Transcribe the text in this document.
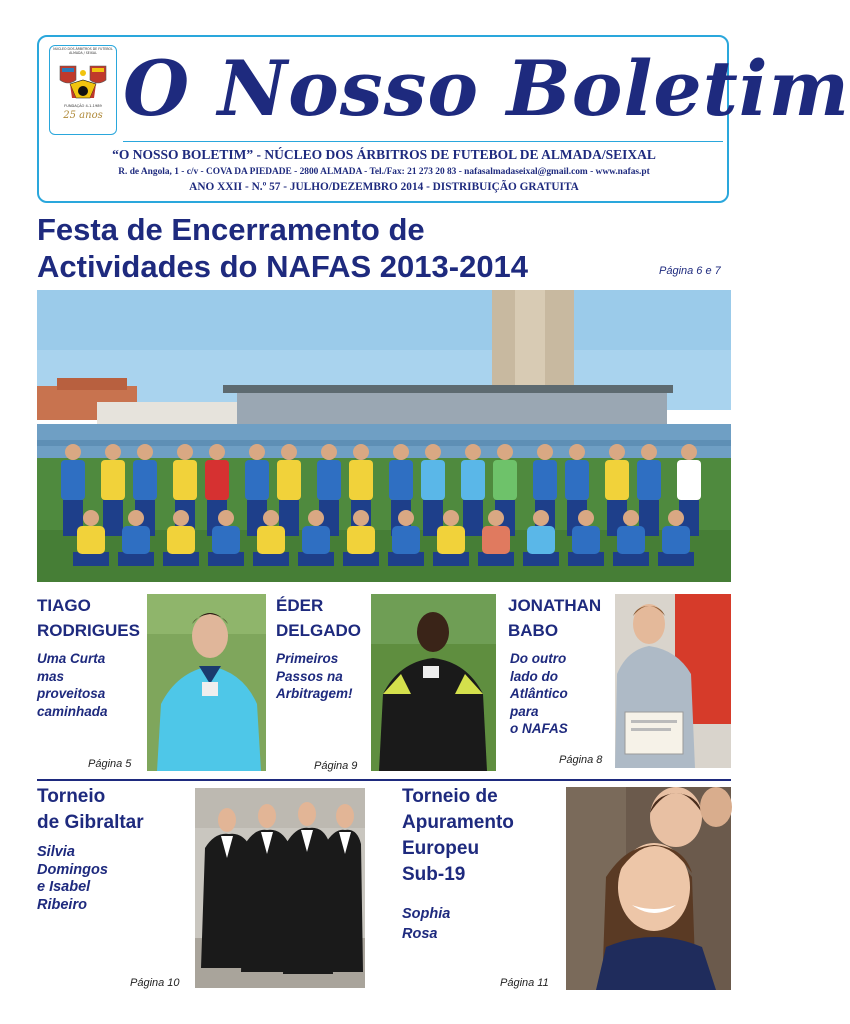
NÚCLEO DOS ÁRBITROS DE FUTEBOL ALMADA / SEIXAL
25 anos
FUNDAÇÃO 4-1-1989 O Nosso Boletim
“O NOSSO BOLETIM” - NÚCLEO DOS ÁRBITROS DE FUTEBOL DE ALMADA/SEIXAL
R. de Angola, 1 - c/v - COVA DA PIEDADE - 2800 ALMADA - Tel./Fax: 21 273 20 83 - nafasalmadaseixal@gmail.com - www.nafas.pt
ANO XXII - N.º 57 - JULHO/DEZEMBRO 2014 - DISTRIBUIÇÃO GRATUITA
Festa de Encerramento de
Actividades do NAFAS 2013-2014	Página 6 e 7
TIAGO
RODRIGUES
Uma Curta
mas
proveitosa
caminhada
Página 5
ÉDER
DELGADO
Primeiros
Passos na
Arbitragem!
Página 9
JONATHAN
BABO
Do outro
lado do
Atlântico
para
o NAFAS
Página 8
Torneio
de Gibraltar
Silvia
Domingos
e Isabel
Ribeiro
Página 10
Torneio de
Apuramento
Europeu
Sub-19
Sophia
Rosa
Página 11
